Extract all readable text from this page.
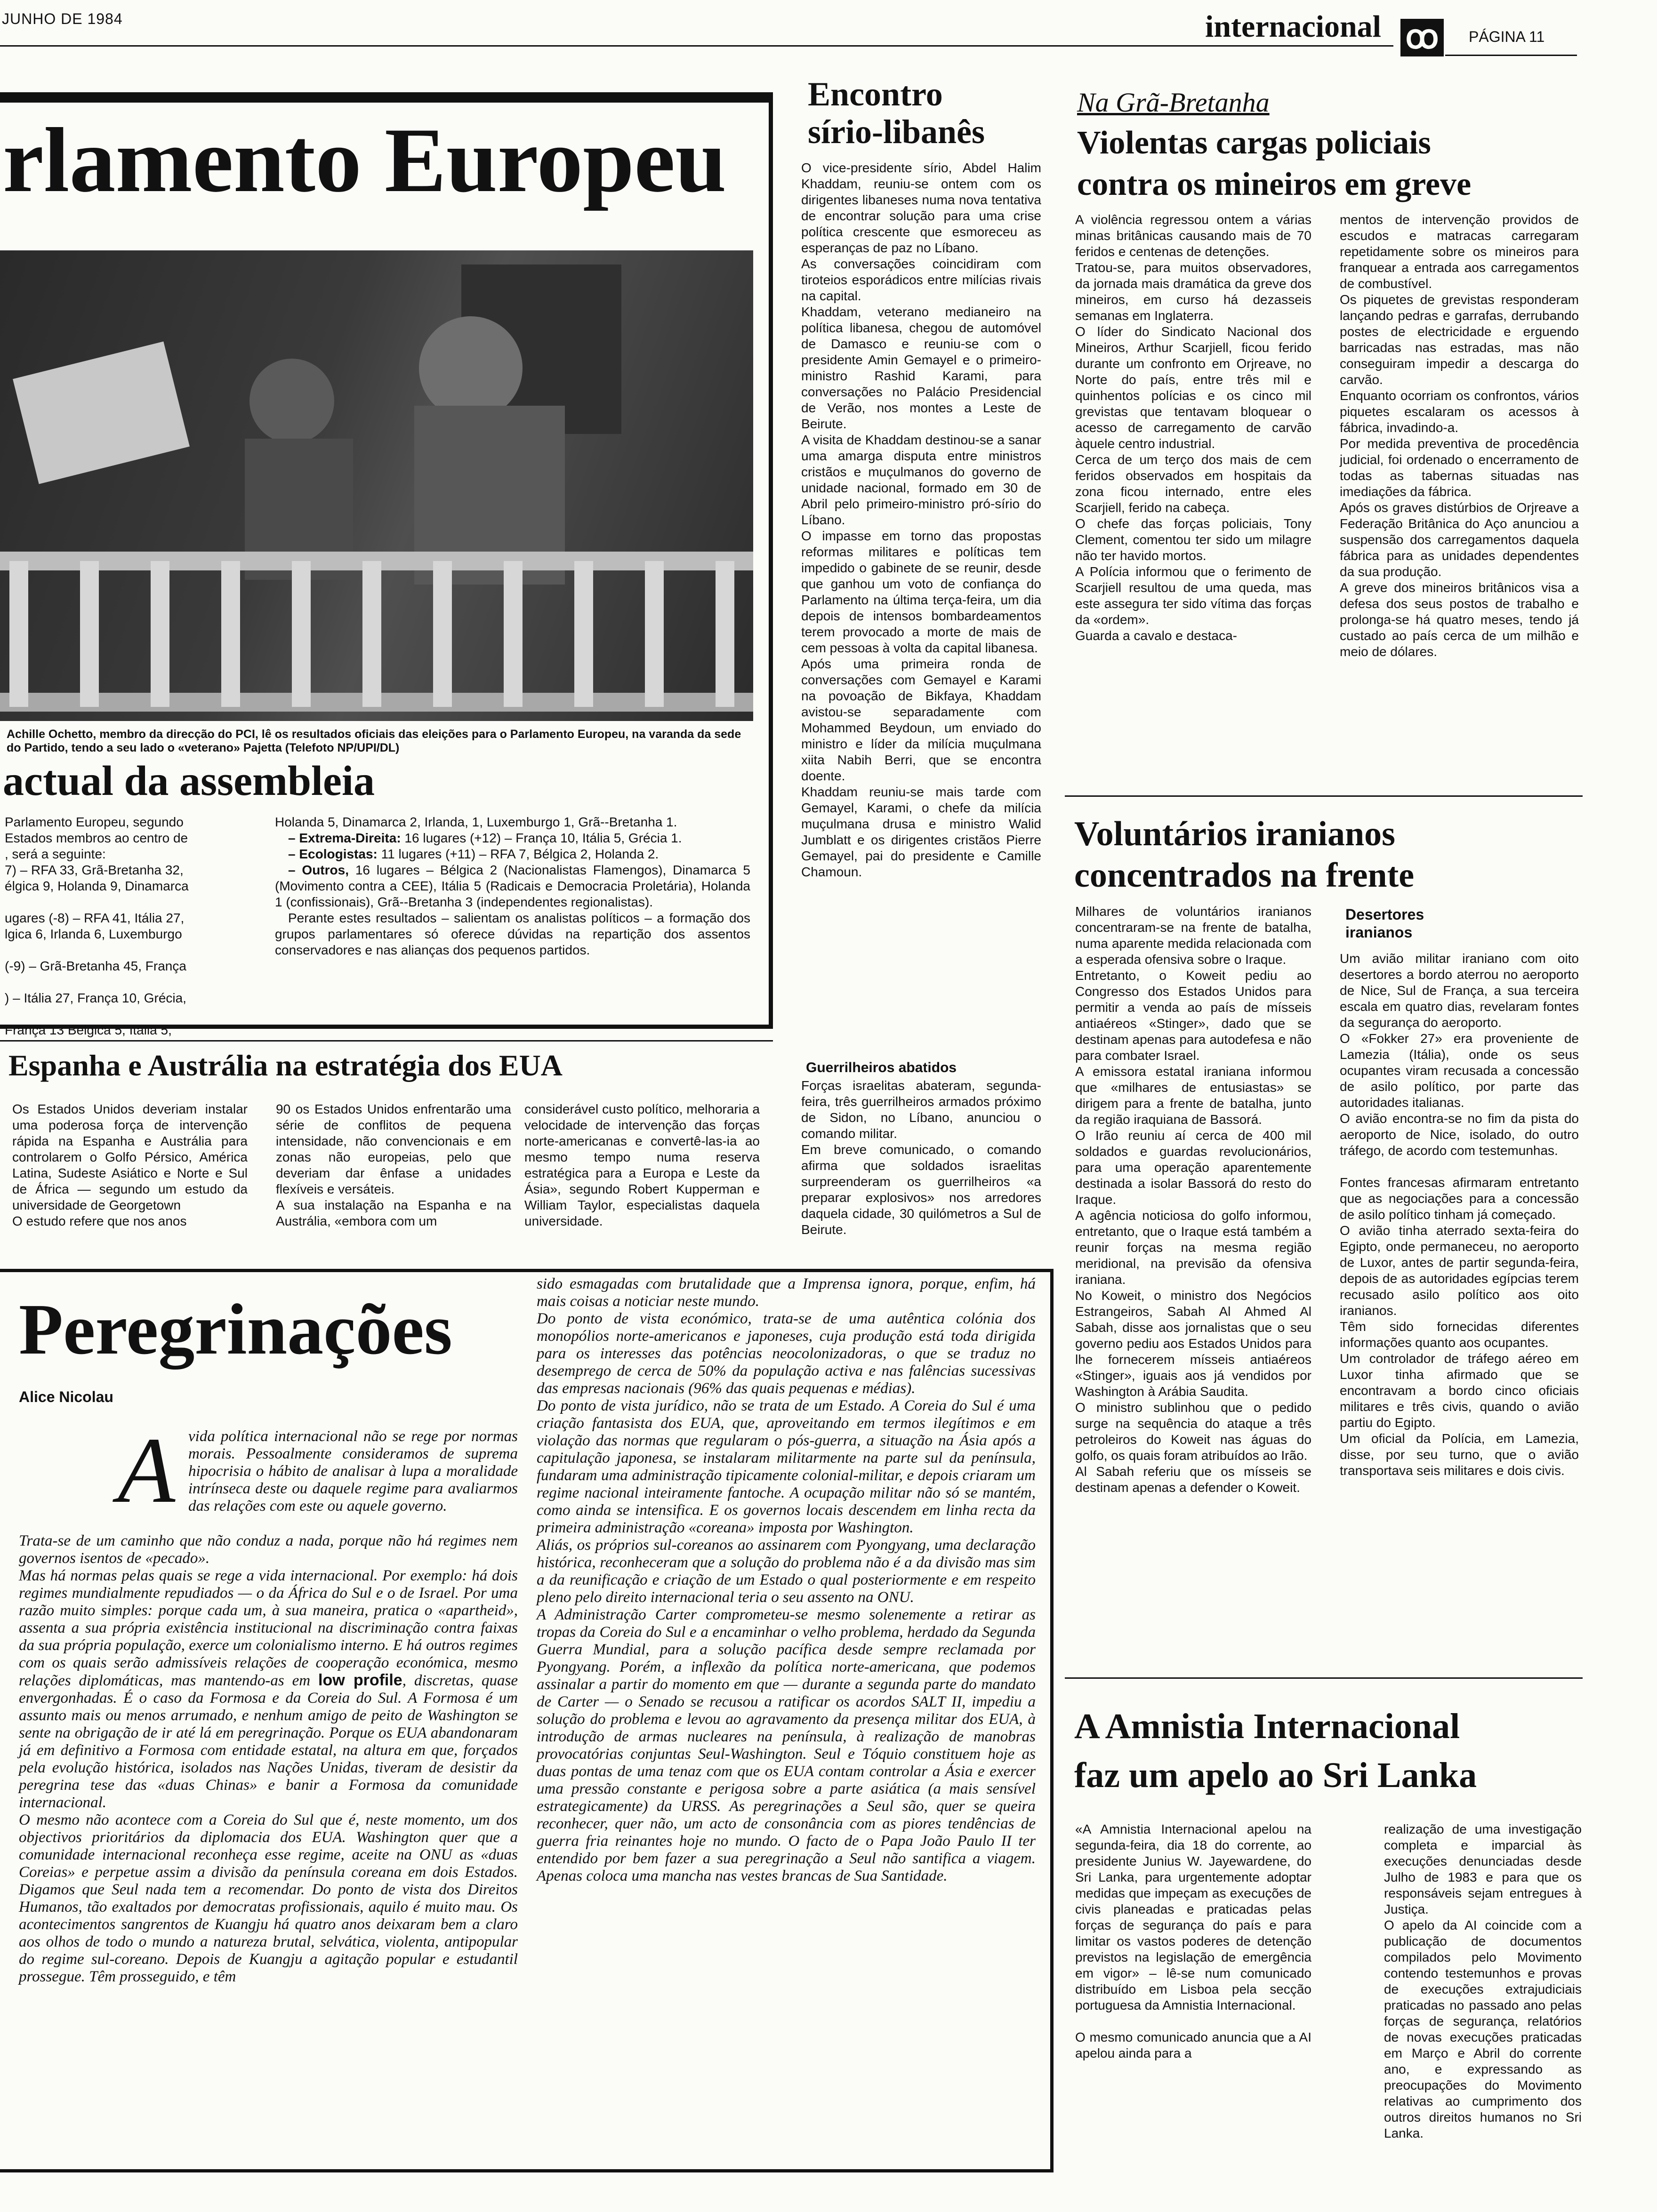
JUNHO DE 1984	internacional ꝏ	PÁGINA 11
rlamento Europeu
Achille Ochetto, membro da direcção do PCI, lê os resultados oficiais das eleições para o Parlamento Europeu, na varanda da sede do Partido, tendo a seu lado o «veterano» Pajetta (Telefoto NP/UPI/DL)
actual da assembleia
Parlamento Europeu, segundo
Estados membros ao centro de
, será a seguinte:
7) – RFA 33, Grã-Bretanha 32,
élgica 9, Holanda 9, Dinamarca

ugares (-8) – RFA 41, Itália 27,
lgica 6, Irlanda 6, Luxemburgo

(-9) – Grã-Bretanha 45, França

) – Itália 27, França 10, Grécia,

França 13 Bélgica 5, Itália 5,

Holanda 5, Dinamarca 2, Irlanda, 1, Luxemburgo 1, Grã--Bretanha 1.

– Extrema-Direita: 16 lugares (+12) – França 10, Itália 5, Grécia 1.

– Ecologistas: 11 lugares (+11) – RFA 7, Bélgica 2, Holanda 2.

– Outros, 16 lugares – Bélgica 2 (Nacionalistas Flamengos), Dinamarca 5 (Movimento contra a CEE), Itália 5 (Radicais e Democracia Proletária), Holanda 1 (confissionais), Grã--Bretanha 3 (independentes regionalistas).

Perante estes resultados – salientam os analistas políticos – a formação dos grupos parlamentares só oferece dúvidas na repartição dos assentos conservadores e nas alianças dos pequenos partidos.

Espanha e Austrália na estratégia dos EUA
Os Estados Unidos deveriam instalar uma poderosa força de intervenção rápida na Espanha e Austrália para controlarem o Golfo Pérsico, América Latina, Sudeste Asiático e Norte e Sul de África — segundo um estudo da universidade de Georgetown
O estudo refere que nos anos
90 os Estados Unidos enfrentarão uma série de conflitos de pequena intensidade, não convencionais e em zonas não europeias, pelo que deveriam dar ênfase a unidades flexíveis e versáteis.
A sua instalação na Espanha e na Austrália, «embora com um
considerável custo político, melhoraria a velocidade de intervenção das forças norte-americanas e convertê-las-ia ao mesmo tempo numa reserva estratégica para a Europa e Leste da Ásia», segundo Robert Kupperman e William Taylor, especialistas daquela universidade.
Encontro
sírio-libanês
O vice-presidente sírio, Abdel Halim Khaddam, reuniu-se ontem com os dirigentes libaneses numa nova tentativa de encontrar solução para uma crise política crescente que esmoreceu as esperanças de paz no Líbano.
As conversações coincidiram com tiroteios esporádicos entre milícias rivais na capital.
Khaddam, veterano medianeiro na política libanesa, chegou de automóvel de Damasco e reuniu-se com o presidente Amin Gemayel e o primeiro-ministro Rashid Karami, para conversações no Palácio Presidencial de Verão, nos montes a Leste de Beirute.
A visita de Khaddam destinou-se a sanar uma amarga disputa entre ministros cristãos e muçulmanos do governo de unidade nacional, formado em 30 de Abril pelo primeiro-ministro pró-sírio do Líbano.
O impasse em torno das propostas reformas militares e políticas tem impedido o gabinete de se reunir, desde que ganhou um voto de confiança do Parlamento na última terça-feira, um dia depois de intensos bombardeamentos terem provocado a morte de mais de cem pessoas à volta da capital libanesa.
Após uma primeira ronda de conversações com Gemayel e Karami na povoação de Bikfaya, Khaddam avistou-se separadamente com Mohammed Beydoun, um enviado do ministro e líder da milícia muçulmana xiita Nabih Berri, que se encontra doente.
Khaddam reuniu-se mais tarde com Gemayel, Karami, o chefe da milícia muçulmana drusa e ministro Walid Jumblatt e os dirigentes cristãos Pierre Gemayel, pai do presidente e Camille Chamoun.
Guerrilheiros abatidos
Forças israelitas abateram, segunda-feira, três guerrilheiros armados próximo de Sidon, no Líbano, anunciou o comando militar.
Em breve comunicado, o comando afirma que soldados israelitas surpreenderam os guerrilheiros «a preparar explosivos» nos arredores daquela cidade, 30 quilómetros a Sul de Beirute.
Na Grã-Bretanha
Violentas cargas policiais
contra os mineiros em greve
A violência regressou ontem a várias minas britânicas causando mais de 70 feridos e centenas de detenções.
Tratou-se, para muitos observadores, da jornada mais dramática da greve dos mineiros, em curso há dezasseis semanas em Inglaterra.
O líder do Sindicato Nacional dos Mineiros, Arthur Scarjiell, ficou ferido durante um confronto em Orjreave, no Norte do país, entre três mil e quinhentos polícias e os cinco mil grevistas que tentavam bloquear o acesso de carregamento de carvão àquele centro industrial.
Cerca de um terço dos mais de cem feridos observados em hospitais da zona ficou internado, entre eles Scarjiell, ferido na cabeça.
O chefe das forças policiais, Tony Clement, comentou ter sido um milagre não ter havido mortos.
A Polícia informou que o ferimento de Scarjiell resultou de uma queda, mas este assegura ter sido vítima das forças da «ordem».
Guarda a cavalo e destaca-
mentos de intervenção providos de escudos e matracas carregaram repetidamente sobre os mineiros para franquear a entrada aos carregamentos de combustível.
Os piquetes de grevistas responderam lançando pedras e garrafas, derrubando postes de electricidade e erguendo barricadas nas estradas, mas não conseguiram impedir a descarga do carvão.
Enquanto ocorriam os confrontos, vários piquetes escalaram os acessos à fábrica, invadindo-a.
Por medida preventiva de procedência judicial, foi ordenado o encerramento de todas as tabernas situadas nas imediações da fábrica.
Após os graves distúrbios de Orjreave a Federação Britânica do Aço anunciou a suspensão dos carregamentos daquela fábrica para as unidades dependentes da sua produção.
A greve dos mineiros britânicos visa a defesa dos seus postos de trabalho e prolonga-se há quatro meses, tendo já custado ao país cerca de um milhão e meio de dólares.
Voluntários iranianos
concentrados na frente
Milhares de voluntários iranianos concentraram-se na frente de batalha, numa aparente medida relacionada com a esperada ofensiva sobre o Iraque.
Entretanto, o Koweit pediu ao Congresso dos Estados Unidos para permitir a venda ao país de mísseis antiaéreos «Stinger», dado que se destinam apenas para autodefesa e não para combater Israel.
A emissora estatal iraniana informou que «milhares de entusiastas» se dirigem para a frente de batalha, junto da região iraquiana de Bassorá.
O Irão reuniu aí cerca de 400 mil soldados e guardas revolucionários, para uma operação aparentemente destinada a isolar Bassorá do resto do Iraque.
A agência noticiosa do golfo informou, entretanto, que o Iraque está também a reunir forças na mesma região meridional, na previsão da ofensiva iraniana.
No Koweit, o ministro dos Negócios Estrangeiros, Sabah Al Ahmed Al Sabah, disse aos jornalistas que o seu governo pediu aos Estados Unidos para lhe fornecerem mísseis antiaéreos «Stinger», iguais aos já vendidos por Washington à Arábia Saudita.
O ministro sublinhou que o pedido surge na sequência do ataque a três petroleiros do Koweit nas águas do golfo, os quais foram atribuídos ao Irão.
Al Sabah referiu que os mísseis se destinam apenas a defender o Koweit.
Desertores
iranianos
Um avião militar iraniano com oito desertores a bordo aterrou no aeroporto de Nice, Sul de França, a sua terceira escala em quatro dias, revelaram fontes da segurança do aeroporto.
O «Fokker 27» era proveniente de Lamezia (Itália), onde os seus ocupantes viram recusada a concessão de asilo político, por parte das autoridades italianas.
O avião encontra-se no fim da pista do aeroporto de Nice, isolado, do outro tráfego, de acordo com testemunhas.

Fontes francesas afirmaram entretanto que as negociações para a concessão de asilo político tinham já começado.
O avião tinha aterrado sexta-feira do Egipto, onde permaneceu, no aeroporto de Luxor, antes de partir segunda-feira, depois de as autoridades egípcias terem recusado asilo político aos oito iranianos.
Têm sido fornecidas diferentes informações quanto aos ocupantes.
Um controlador de tráfego aéreo em Luxor tinha afirmado que se encontravam a bordo cinco oficiais militares e três civis, quando o avião partiu do Egipto.
Um oficial da Polícia, em Lamezia, disse, por seu turno, que o avião transportava seis militares e dois civis.
Peregrinações
Alice Nicolau
A vida política internacional não se rege por normas morais. Pessoalmente consideramos de suprema hipocrisia o hábito de analisar à lupa a moralidade intrínseca deste ou daquele regime para avaliarmos das relações com este ou aquele governo.

Trata-se de um caminho que não conduz a nada, porque não há regimes nem governos isentos de «pecado».
Mas há normas pelas quais se rege a vida internacional. Por exemplo: há dois regimes mundialmente repudiados — o da África do Sul e o de Israel. Por uma razão muito simples: porque cada um, à sua maneira, pratica o «apartheid», assenta a sua própria existência institucional na discriminação contra faixas da sua própria população, exerce um colonialismo interno. E há outros regimes com os quais serão admissíveis relações de cooperação económica, mesmo relações diplomáticas, mas mantendo-as em low profile, discretas, quase envergonhadas. É o caso da Formosa e da Coreia do Sul. A Formosa é um assunto mais ou menos arrumado, e nenhum amigo de peito de Washington se sente na obrigação de ir até lá em peregrinação. Porque os EUA abandonaram já em definitivo a Formosa com entidade estatal, na altura em que, forçados pela evolução histórica, isolados nas Nações Unidas, tiveram de desistir da peregrina tese das «duas Chinas» e banir a Formosa da comunidade internacional.
O mesmo não acontece com a Coreia do Sul que é, neste momento, um dos objectivos prioritários da diplomacia dos EUA. Washington quer que a comunidade internacional reconheça esse regime, aceite na ONU as «duas Coreias» e perpetue assim a divisão da península coreana em dois Estados. Digamos que Seul nada tem a recomendar. Do ponto de vista dos Direitos Humanos, tão exaltados por democratas profissionais, aquilo é muito mau. Os acontecimentos sangrentos de Kuangju há quatro anos deixaram bem a claro aos olhos de todo o mundo a natureza brutal, selvática, violenta, antipopular do regime sul-coreano. Depois de Kuangju a agitação popular e estudantil prossegue. Têm prosseguido, e têm

sido esmagadas com brutalidade que a Imprensa ignora, porque, enfim, há mais coisas a noticiar neste mundo.
Do ponto de vista económico, trata-se de uma autêntica colónia dos monopólios norte-americanos e japoneses, cuja produção está toda dirigida para os interesses das potências neocolonizadoras, o que se traduz no desemprego de cerca de 50% da população activa e nas falências sucessivas das empresas nacionais (96% das quais pequenas e médias).
Do ponto de vista jurídico, não se trata de um Estado. A Coreia do Sul é uma criação fantasista dos EUA, que, aproveitando em termos ilegítimos e em violação das normas que regularam o pós-guerra, a situação na Ásia após a capitulação japonesa, se instalaram militarmente na parte sul da península, fundaram uma administração tipicamente colonial-militar, e depois criaram um regime nacional inteiramente fantoche. A ocupação militar não só se mantém, como ainda se intensifica. E os governos locais descendem em linha recta da primeira administração «coreana» imposta por Washington.
Aliás, os próprios sul-coreanos ao assinarem com Pyongyang, uma declaração histórica, reconheceram que a solução do problema não é a da divisão mas sim a da reunificação e criação de um Estado o qual posteriormente e em respeito pleno pelo direito internacional teria o seu assento na ONU.
A Administração Carter comprometeu-se mesmo solenemente a retirar as tropas da Coreia do Sul e a encaminhar o velho problema, herdado da Segunda Guerra Mundial, para a solução pacífica desde sempre reclamada por Pyongyang. Porém, a inflexão da política norte-americana, que podemos assinalar a partir do momento em que — durante a segunda parte do mandato de Carter — o Senado se recusou a ratificar os acordos SALT II, impediu a solução do problema e levou ao agravamento da presença militar dos EUA, à introdução de armas nucleares na península, à realização de manobras provocatórias conjuntas Seul-Washington. Seul e Tóquio constituem hoje as duas pontas de uma tenaz com que os EUA contam controlar a Ásia e exercer uma pressão constante e perigosa sobre a parte asiática (a mais sensível estrategicamente) da URSS. As peregrinações a Seul são, quer se queira reconhecer, quer não, um acto de consonância com as piores tendências de guerra fria reinantes hoje no mundo. O facto de o Papa João Paulo II ter entendido por bem fazer a sua peregrinação a Seul não santifica a viagem. Apenas coloca uma mancha nas vestes brancas de Sua Santidade.

A Amnistia Internacional
faz um apelo ao Sri Lanka
«A Amnistia Internacional apelou na segunda-feira, dia 18 do corrente, ao presidente Junius W. Jayewardene, do Sri Lanka, para urgentemente adoptar medidas que impeçam as execuções de civis planeadas e praticadas pelas forças de segurança do país e para limitar os vastos poderes de detenção previstos na legislação de emergência em vigor» – lê-se num comunicado distribuído em Lisboa pela secção portuguesa da Amnistia Internacional.

O mesmo comunicado anuncia que a AI apelou ainda para a
realização de uma investigação completa e imparcial às execuções denunciadas desde Julho de 1983 e para que os responsáveis sejam entregues à Justiça.
O apelo da AI coincide com a publicação de documentos compilados pelo Movimento contendo testemunhos e provas de execuções extrajudiciais praticadas no passado ano pelas forças de segurança, relatórios de novas execuções praticadas em Março e Abril do corrente ano, e expressando as preocupações do Movimento relativas ao cumprimento dos outros direitos humanos no Sri Lanka.
